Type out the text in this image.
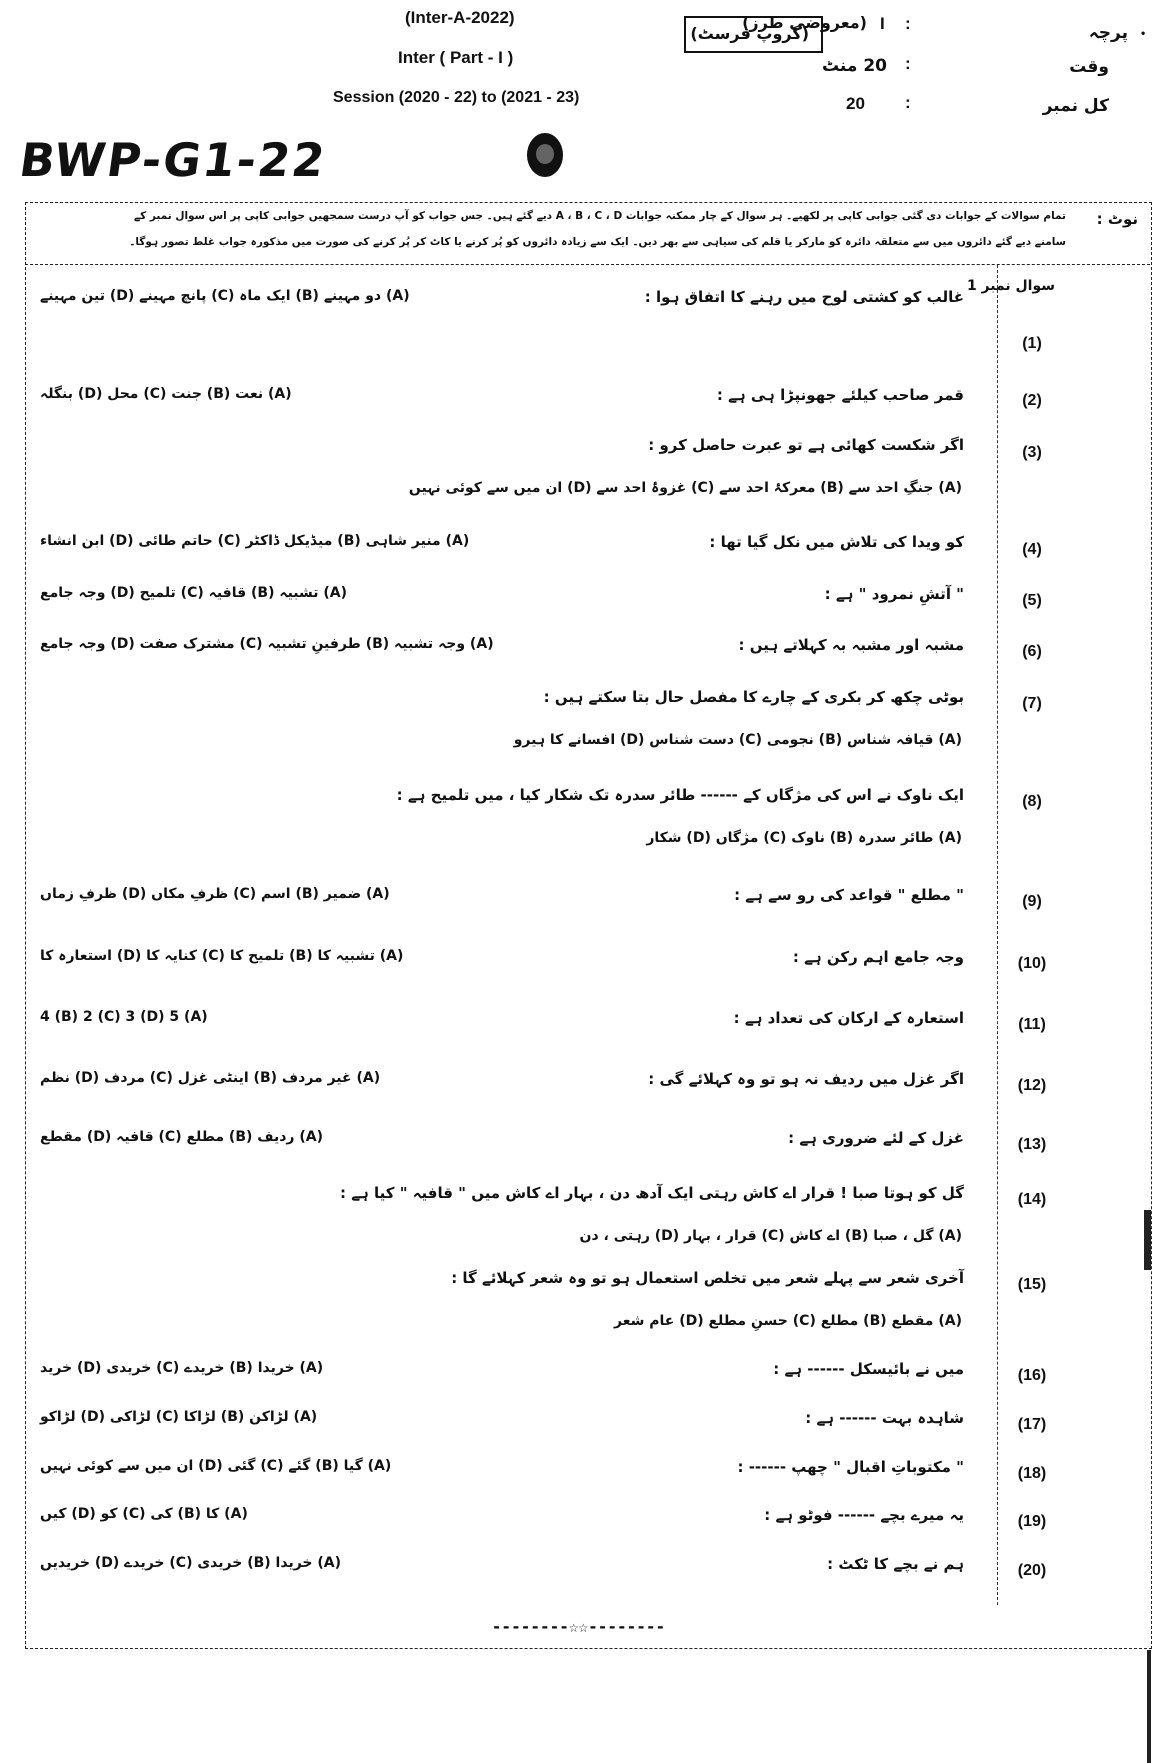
(Inter-A-2022)
Inter ( Part - I )
Session (2020 - 22) to (2021 - 23)
(گروپ فرسٹ)	پرچہ •
:
I
(معروضی طرز)
وقت
:
20 منٹ
کل نمبر
:
20
BWP-G1-22
نوٹ :
تمام سوالات کے جوابات دی گئی جوابی کاپی پر لکھیے۔ ہر سوال کے چار ممکنہ جوابات A ، B ، C ، D دیے گئے ہیں۔ جس جواب کو آپ درست سمجھیں جوابی کاپی پر اس سوال نمبر کے
سامنے دیے گئے دائروں میں سے متعلقہ دائرہ کو مارکر یا قلم کی سیاہی سے بھر دیں۔ ایک سے زیادہ دائروں کو پُر کرنے یا کاٹ کر پُر کرنے کی صورت میں مذکورہ جواب غلط تصور ہوگا۔
سوال نمبر 1
(1)
غالب کو کشتی لوح میں رہنے کا اتفاق ہوا :
(A) دو مہینے (B) ایک ماہ (C) پانچ مہینے (D) تین مہینے
(2)
قمر صاحب کیلئے جھونپڑا ہی ہے :
(A) نعت (B) جنت (C) محل (D) بنگلہ
(3)
اگر شکست کھائی ہے تو عبرت حاصل کرو :
(A) جنگِ احد سے (B) معرکۂ احد سے (C) غزوۂ احد سے (D) ان میں سے کوئی نہیں
(4)
کو ویدا کی تلاش میں نکل گیا تھا :
(A) منیر شاہی (B) میڈیکل ڈاکٹر (C) حاتم طائی (D) ابن انشاء
(5)
" آتشِ نمرود " ہے :
(A) تشبیہ (B) قافیہ (C) تلمیح (D) وجہ جامع
(6)
مشبہ اور مشبہ بہ کہلاتے ہیں :
(A) وجہ تشبیہ (B) طرفینِ تشبیہ (C) مشترک صفت (D) وجہ جامع
(7)
بوٹی چکھ کر بکری کے چارے کا مفصل حال بتا سکتے ہیں :
(A) قیافہ شناس (B) نجومی (C) دست شناس (D) افسانے کا ہیرو
(8)
ایک ناوک نے اس کی مژگاں کے ------ طائر سدرہ تک شکار کیا ، میں تلمیح ہے :
(A) طائر سدرہ (B) ناوک (C) مژگاں (D) شکار
(9)
" مطلع " قواعد کی رو سے ہے :
(A) ضمیر (B) اسم (C) ظرفِ مکاں (D) ظرفِ زماں
(10)
وجہ جامع اہم رکن ہے :
(A) تشبیہ کا (B) تلمیح کا (C) کنایہ کا (D) استعارہ کا
(11)
استعارہ کے ارکان کی تعداد ہے :
(A) 4 (B) 2 (C) 3 (D) 5
(12)
اگر غزل میں ردیف نہ ہو تو وہ کہلائے گی :
(A) غیر مردف (B) اینٹی غزل (C) مردف (D) نظم
(13)
غزل کے لئے ضروری ہے :
(A) ردیف (B) مطلع (C) قافیہ (D) مقطع
(14)
گل کو ہوتا صبا ! قرار اے کاش رہتی ایک آدھ دن ، بہار اے کاش میں " قافیہ " کیا ہے :
(A) گل ، صبا (B) اے کاش (C) قرار ، بہار (D) رہتی ، دن
(15)
آخری شعر سے پہلے شعر میں تخلص استعمال ہو تو وہ شعر کہلائے گا :
(A) مقطع (B) مطلع (C) حسنِ مطلع (D) عام شعر
(16)
میں نے بائیسکل ------ ہے :
(A) خریدا (B) خریدے (C) خریدی (D) خرید
(17)
شاہدہ بہت ------ ہے :
(A) لڑاکن (B) لڑاکا (C) لڑاکی (D) لڑاکو
(18)
" مکتوباتِ اقبال " چھپ ------ :
(A) گیا (B) گئے (C) گئی (D) ان میں سے کوئی نہیں
(19)
یہ میرے بچے ------ فوٹو ہے :
(A) کا (B) کی (C) کو (D) کیں
(20)
ہم نے بچے کا ٹکٹ :
(A) خریدا (B) خریدی (C) خریدے (D) خریدیں
--------☆☆--------
